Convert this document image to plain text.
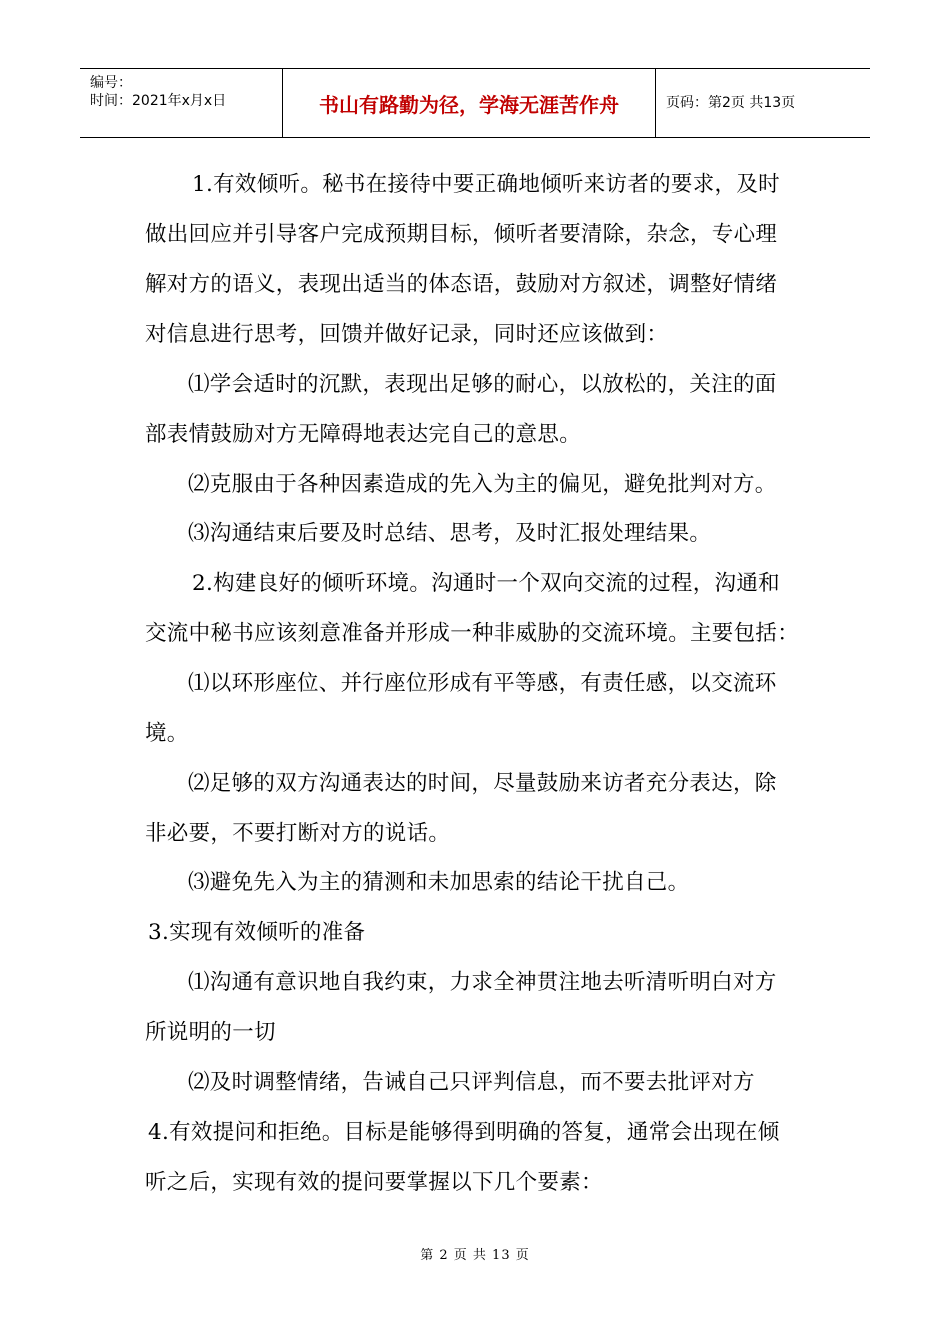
编号：
时间：2021年x月x日	书山有路勤为径，学海无涯苦作舟	页码：第2页 共13页
1.有效倾听。秘书在接待中要正确地倾听来访者的要求，及时
做出回应并引导客户完成预期目标，倾听者要清除，杂念，专心理
解对方的语义，表现出适当的体态语，鼓励对方叙述，调整好情绪
对信息进行思考，回馈并做好记录，同时还应该做到：
⑴学会适时的沉默，表现出足够的耐心，以放松的，关注的面
部表情鼓励对方无障碍地表达完自己的意思。
⑵克服由于各种因素造成的先入为主的偏见，避免批判对方。
⑶沟通结束后要及时总结、思考，及时汇报处理结果。
2.构建良好的倾听环境。沟通时一个双向交流的过程，沟通和
交流中秘书应该刻意准备并形成一种非威胁的交流环境。主要包括：
⑴以环形座位、并行座位形成有平等感，有责任感，以交流环
境。
⑵足够的双方沟通表达的时间，尽量鼓励来访者充分表达，除
非必要，不要打断对方的说话。
⑶避免先入为主的猜测和未加思索的结论干扰自己。
3.实现有效倾听的准备
⑴沟通有意识地自我约束，力求全神贯注地去听清听明白对方
所说明的一切
⑵及时调整情绪，告诫自己只评判信息，而不要去批评对方
4.有效提问和拒绝。目标是能够得到明确的答复，通常会出现在倾
听之后，实现有效的提问要掌握以下几个要素：
第 2 页 共 13 页
